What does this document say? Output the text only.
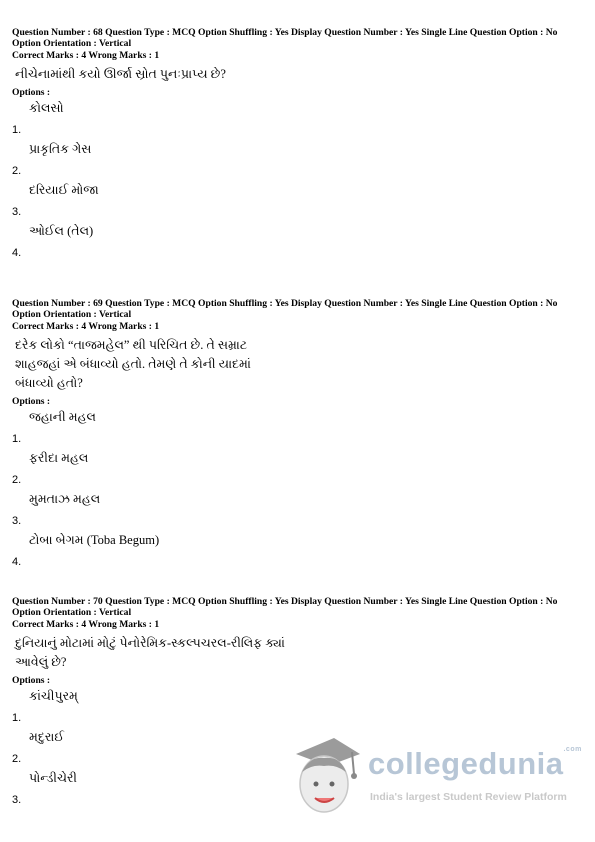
Question Number : 68 Question Type : MCQ Option Shuffling : Yes Display Question Number : Yes Single Line Question Option : No Option Orientation : Vertical
Correct Marks : 4 Wrong Marks : 1
નીચેનામાંથી કયો ઊર્જા સ્રોત પુનઃપ્રાપ્ય છે?
Options :
1.
કોલસો
2.
પ્રાકૃતિક ગેસ
3.
દરિયાઈ મોજા
4.
ઓઈલ (તેલ)
Question Number : 69 Question Type : MCQ Option Shuffling : Yes Display Question Number : Yes Single Line Question Option : No Option Orientation : Vertical
Correct Marks : 4 Wrong Marks : 1
દરેક લોકો “તાજમહેલ” થી પરિચિત છે. તે સમ્રાટ શાહજહાં એ બંધાવ્યો હતો. તેમણે તે કોની યાદમાં બંધાવ્યો હતો?
Options :
1.
જહાની મહલ
2.
ફરીદા મહલ
3.
મુમતાઝ મહલ
4.
ટોબા બેગમ (Toba Begum)
Question Number : 70 Question Type : MCQ Option Shuffling : Yes Display Question Number : Yes Single Line Question Option : No Option Orientation : Vertical
Correct Marks : 4 Wrong Marks : 1
દુનિયાનું મોટામાં મોટું પેનોરેમિક-સ્કલ્પચરલ-રીલિફ ક્યાં આવેલું છે?
Options :
1.
કાંચીપુરમ્
2.
મદુરાઈ
3.
પોન્ડીચેરી	collegedunia$^{.com}$
India's largest Student Review Platform
